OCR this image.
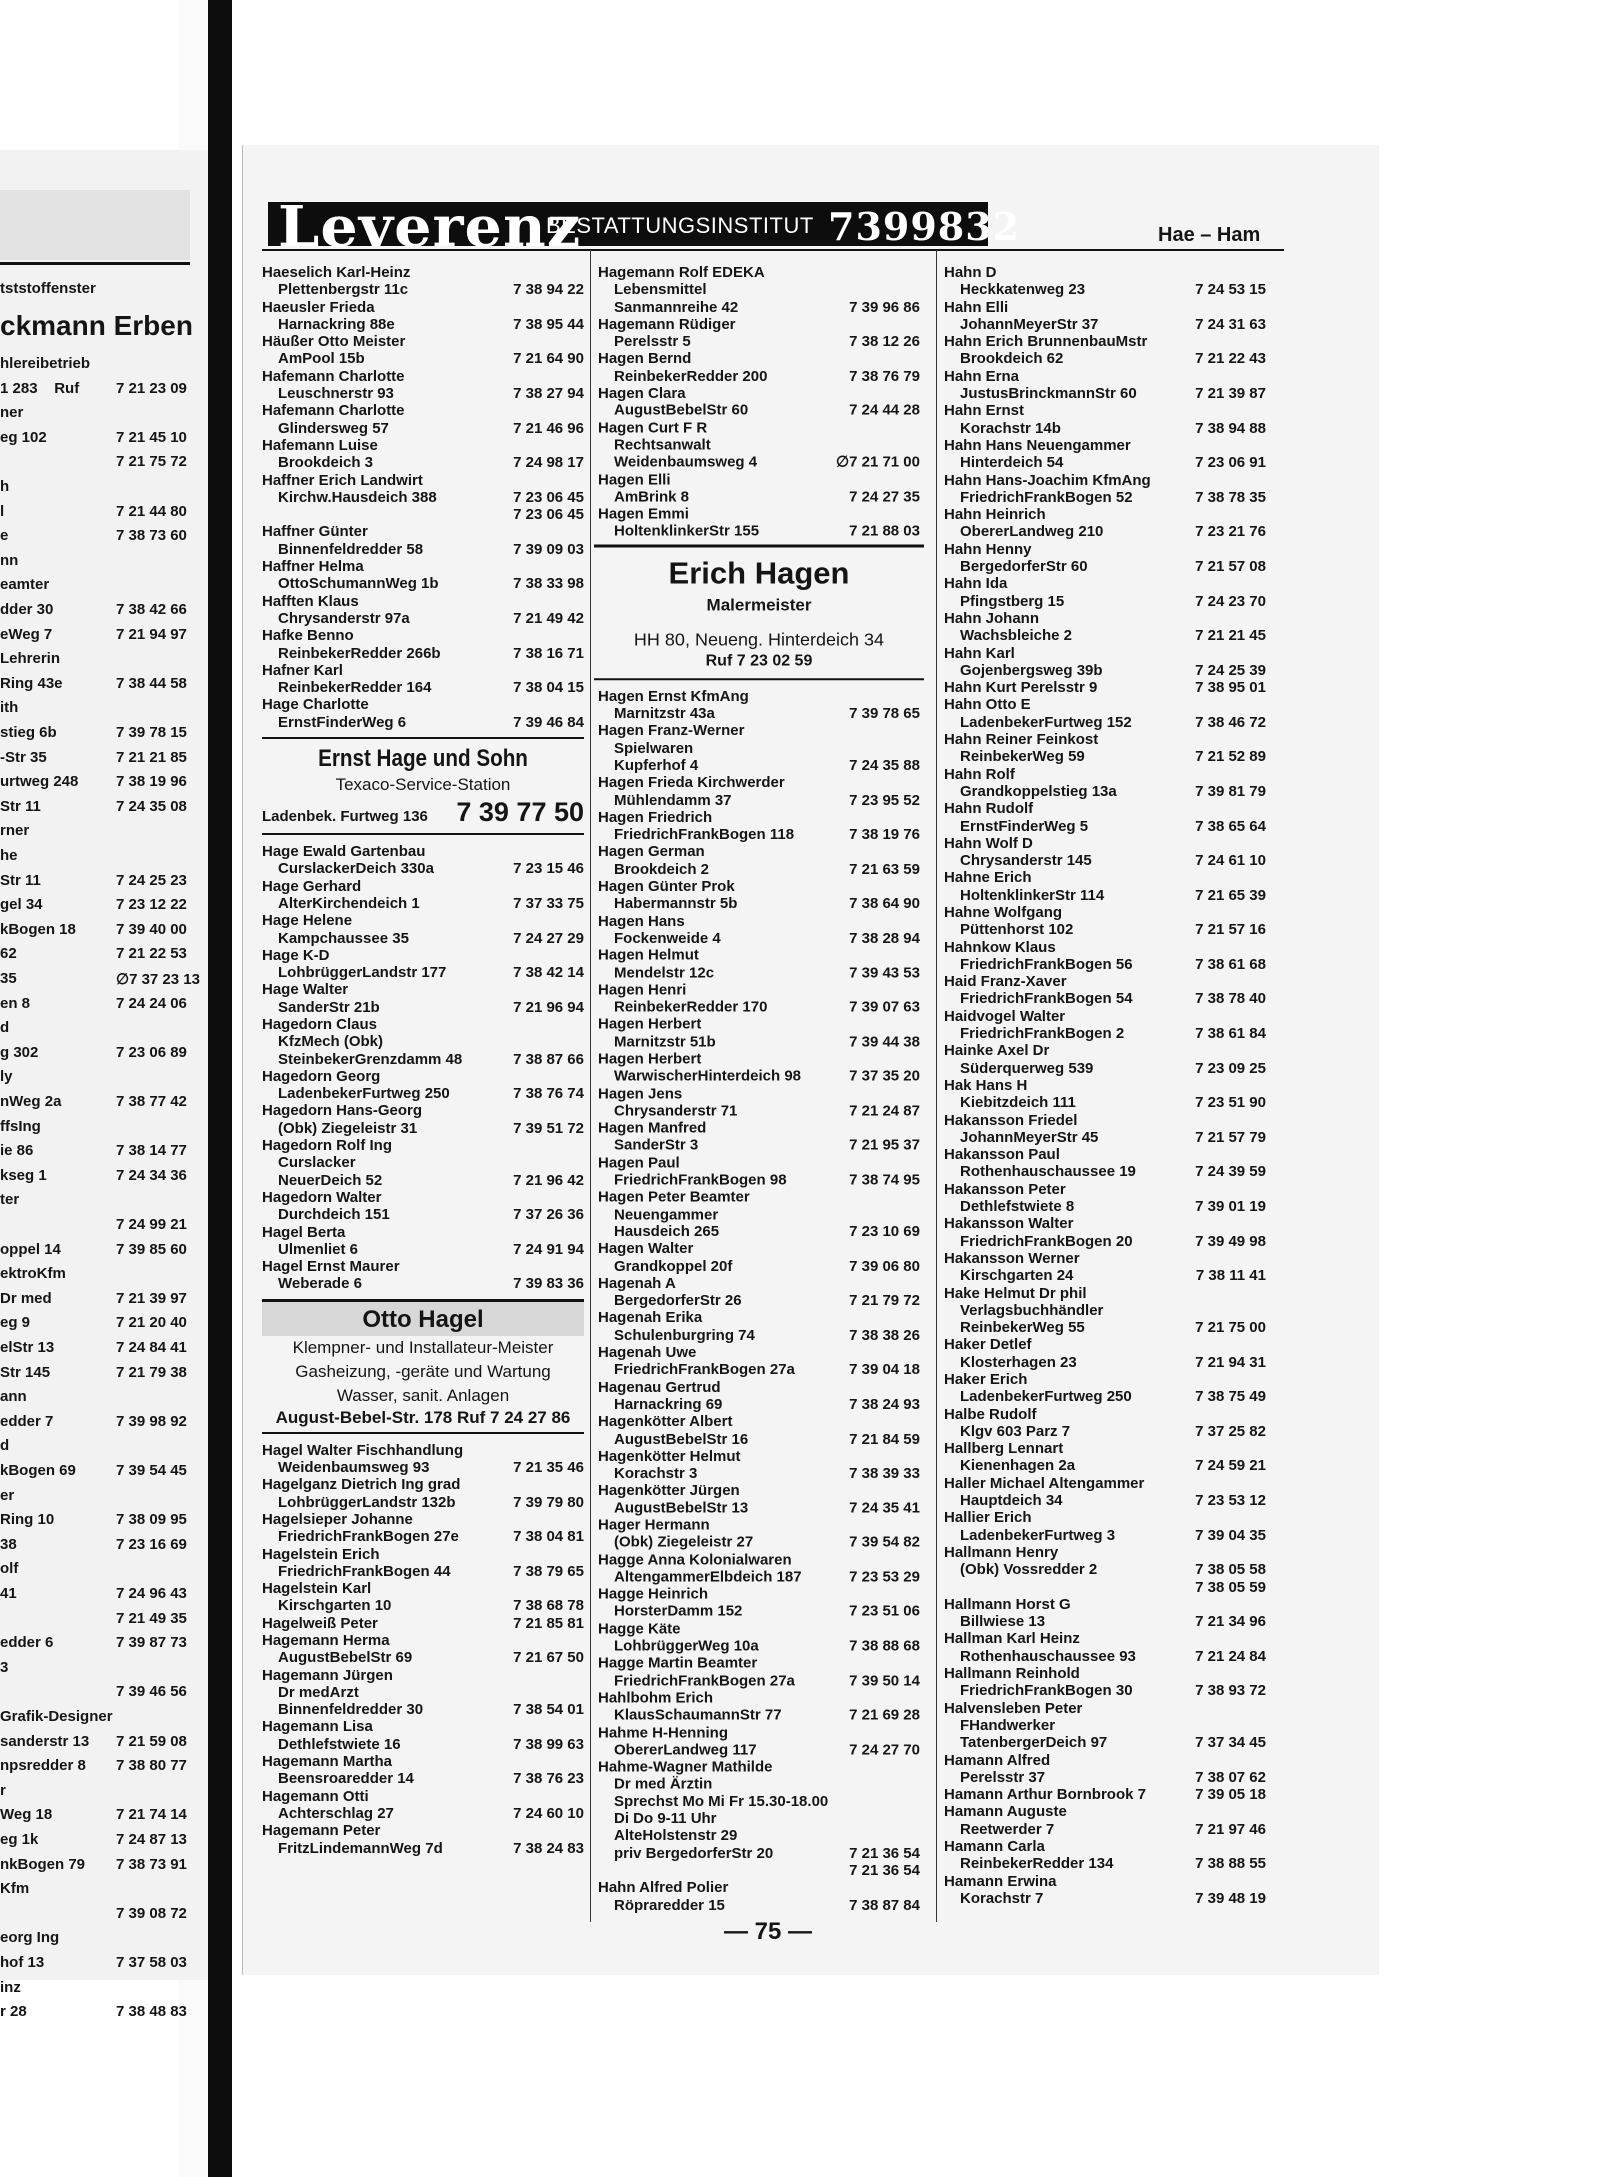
tststoffenster
ckmann Erben
hlereibetrieb
1 283    Ruf 7 21 23 09
ner
eg 102	7 21 45 10
7 21 75 72
h
l	7 21 44 80
e	7 38 73 60
nn
eamter
dder 30	7 38 42 66
eWeg 7	7 21 94 97
Lehrerin
Ring 43e	7 38 44 58
ith
stieg 6b	7 39 78 15
-Str 35	7 21 21 85
urtweg 248	7 38 19 96
Str 11	7 24 35 08
rner
he
Str 11	7 24 25 23
gel 34	7 23 12 22
kBogen 18	7 39 40 00
62	7 21 22 53
35	∅7 37 23 13
en 8	7 24 24 06
d
g 302	7 23 06 89
ly
nWeg 2a	7 38 77 42
ffsIng
ie 86	7 38 14 77
kseg 1	7 24 34 36
ter
7 24 99 21
oppel 14	7 39 85 60
ektroKfm
Dr med	7 21 39 97
eg 9	7 21 20 40
elStr 13	7 24 84 41
Str 145	7 21 79 38
ann
edder 7	7 39 98 92
d
kBogen 69	7 39 54 45
er
Ring 10	7 38 09 95
38	7 23 16 69
olf
41	7 24 96 43
7 21 49 35
edder 6	7 39 87 73
3
7 39 46 56
Grafik-Designer
sanderstr 13 7 21 59 08
npsredder 8 7 38 80 77
r
Weg 18	7 21 74 14
eg 1k	7 24 87 13
nkBogen 79 7 38 73 91
Kfm
7 39 08 72
eorg Ing
hof 13	7 37 58 03
inz
r 28	7 38 48 83
Leverenz
BESTATTUNGSINSTITUT 7399832	Hae – Ham
Haeselich Karl-Heinz
Plettenbergstr 11c	7 38 94 22
Haeusler Frieda
Harnackring 88e	7 38 95 44
Häußer Otto Meister
AmPool 15b	7 21 64 90
Hafemann Charlotte
Leuschnerstr 93	7 38 27 94
Hafemann Charlotte
Glindersweg 57	7 21 46 96
Hafemann Luise
Brookdeich 3	7 24 98 17
Haffner Erich Landwirt
Kirchw.Hausdeich 388
	7 23 06 45
7 23 06 45
Haffner Günter
Binnenfeldredder 58	7 39 09 03
Haffner Helma
OttoSchumannWeg 1b	7 38 33 98
Hafften Klaus
Chrysanderstr 97a	7 21 49 42
Hafke Benno
ReinbekerRedder 266b	7 38 16 71
Hafner Karl
ReinbekerRedder 164	7 38 04 15
Hage Charlotte
ErnstFinderWeg 6	7 39 46 84
Ernst Hage und Sohn
Texaco-Service-Station
Ladenbek. Furtweg 136 7 39 77 50
Hage Ewald Gartenbau
CurslackerDeich 330a	7 23 15 46
Hage Gerhard
AlterKirchendeich 1	7 37 33 75
Hage Helene
Kampchaussee 35	7 24 27 29
Hage K-D
LohbrüggerLandstr 177	7 38 42 14
Hage Walter
SanderStr 21b	7 21 96 94
Hagedorn Claus
KfzMech (Obk)
SteinbekerGrenzdamm 48	7 38 87 66
Hagedorn Georg
LadenbekerFurtweg 250	7 38 76 74
Hagedorn Hans-Georg
(Obk) Ziegeleistr 31	7 39 51 72
Hagedorn Rolf Ing
Curslacker
NeuerDeich 52	7 21 96 42
Hagedorn Walter
Durchdeich 151	7 37 26 36
Hagel Berta
Ulmenliet 6	7 24 91 94
Hagel Ernst Maurer
Weberade 6	7 39 83 36
Otto Hagel
Klempner- und Installateur-Meister
Gasheizung, -geräte und Wartung
Wasser, sanit. Anlagen
August-Bebel-Str. 178 Ruf 7 24 27 86
Hagel Walter Fischhandlung
Weidenbaumsweg 93	7 21 35 46
Hagelganz Dietrich Ing grad
LohbrüggerLandstr 132b	7 39 79 80
Hagelsieper Johanne
FriedrichFrankBogen 27e	7 38 04 81
Hagelstein Erich
FriedrichFrankBogen 44	7 38 79 65
Hagelstein Karl
Kirschgarten 10	7 38 68 78
Hagelweiß Peter	7 21 85 81
Hagemann Herma
AugustBebelStr 69	7 21 67 50
Hagemann Jürgen
Dr medArzt
Binnenfeldredder 30	7 38 54 01
Hagemann Lisa
Dethlefstwiete 16	7 38 99 63
Hagemann Martha
Beensroaredder 14	7 38 76 23
Hagemann Otti
Achterschlag 27	7 24 60 10
Hagemann Peter
FritzLindemannWeg 7d	7 38 24 83
Hagemann Rolf EDEKA
Lebensmittel
Sanmannreihe 42	7 39 96 86
Hagemann Rüdiger
Perelsstr 5	7 38 12 26
Hagen Bernd
ReinbekerRedder 200	7 38 76 79
Hagen Clara
AugustBebelStr 60	7 24 44 28
Hagen Curt F R
Rechtsanwalt
Weidenbaumsweg 4	∅7 21 71 00
Hagen Elli
AmBrink 8	7 24 27 35
Hagen Emmi
HoltenklinkerStr 155	7 21 88 03
Erich Hagen
Malermeister
HH 80, Neueng. Hinterdeich 34
Ruf 7 23 02 59
Hagen Ernst KfmAng
Marnitzstr 43a	7 39 78 65
Hagen Franz-Werner
Spielwaren
Kupferhof 4	7 24 35 88
Hagen Frieda Kirchwerder
Mühlendamm 37	7 23 95 52
Hagen Friedrich
FriedrichFrankBogen 118	7 38 19 76
Hagen German
Brookdeich 2	7 21 63 59
Hagen Günter Prok
Habermannstr 5b	7 38 64 90
Hagen Hans
Fockenweide 4	7 38 28 94
Hagen Helmut
Mendelstr 12c	7 39 43 53
Hagen Henri
ReinbekerRedder 170	7 39 07 63
Hagen Herbert
Marnitzstr 51b	7 39 44 38
Hagen Herbert
WarwischerHinterdeich 98	7 37 35 20
Hagen Jens
Chrysanderstr 71	7 21 24 87
Hagen Manfred
SanderStr 3	7 21 95 37
Hagen Paul
FriedrichFrankBogen 98	7 38 74 95
Hagen Peter Beamter
Neuengammer
Hausdeich 265	7 23 10 69
Hagen Walter
Grandkoppel 20f	7 39 06 80
Hagenah A
BergedorferStr 26	7 21 79 72
Hagenah Erika
Schulenburgring 74	7 38 38 26
Hagenah Uwe
FriedrichFrankBogen 27a	7 39 04 18
Hagenau Gertrud
Harnackring 69	7 38 24 93
Hagenkötter Albert
AugustBebelStr 16	7 21 84 59
Hagenkötter Helmut
Korachstr 3	7 38 39 33
Hagenkötter Jürgen
AugustBebelStr 13	7 24 35 41
Hager Hermann
(Obk) Ziegeleistr 27	7 39 54 82
Hagge Anna Kolonialwaren
AltengammerElbdeich 187	7 23 53 29
Hagge Heinrich
HorsterDamm 152	7 23 51 06
Hagge Käte
LohbrüggerWeg 10a	7 38 88 68
Hagge Martin Beamter
FriedrichFrankBogen 27a	7 39 50 14
Hahlbohm Erich
KlausSchaumannStr 77	7 21 69 28
Hahme H-Henning
ObererLandweg 117	7 24 27 70
Hahme-Wagner Mathilde
Dr med Ärztin
Sprechst Mo Mi Fr 15.30-18.00
Di Do 9-11 Uhr
AlteHolstenstr 29
priv BergedorferStr 20
	7 21 36 54
7 21 36 54
Hahn Alfred Polier
Röpraredder 15	7 38 87 84
Hahn D
Heckkatenweg 23	7 24 53 15
Hahn Elli
JohannMeyerStr 37	7 24 31 63
Hahn Erich BrunnenbauMstr
Brookdeich 62	7 21 22 43
Hahn Erna
JustusBrinckmannStr 60	7 21 39 87
Hahn Ernst
Korachstr 14b	7 38 94 88
Hahn Hans Neuengammer
Hinterdeich 54	7 23 06 91
Hahn Hans-Joachim KfmAng
FriedrichFrankBogen 52	7 38 78 35
Hahn Heinrich
ObererLandweg 210	7 23 21 76
Hahn Henny
BergedorferStr 60	7 21 57 08
Hahn Ida
Pfingstberg 15	7 24 23 70
Hahn Johann
Wachsbleiche 2	7 21 21 45
Hahn Karl
Gojenbergsweg 39b	7 24 25 39
Hahn Kurt Perelsstr 9	7 38 95 01
Hahn Otto E
LadenbekerFurtweg 152	7 38 46 72
Hahn Reiner Feinkost
ReinbekerWeg 59	7 21 52 89
Hahn Rolf
Grandkoppelstieg 13a	7 39 81 79
Hahn Rudolf
ErnstFinderWeg 5	7 38 65 64
Hahn Wolf D
Chrysanderstr 145	7 24 61 10
Hahne Erich
HoltenklinkerStr 114	7 21 65 39
Hahne Wolfgang
Püttenhorst 102	7 21 57 16
Hahnkow Klaus
FriedrichFrankBogen 56	7 38 61 68
Haid Franz-Xaver
FriedrichFrankBogen 54	7 38 78 40
Haidvogel Walter
FriedrichFrankBogen 2	7 38 61 84
Hainke Axel Dr
Süderquerweg 539	7 23 09 25
Hak Hans H
Kiebitzdeich 111	7 23 51 90
Hakansson Friedel
JohannMeyerStr 45	7 21 57 79
Hakansson Paul
Rothenhauschaussee 19	7 24 39 59
Hakansson Peter
Dethlefstwiete 8	7 39 01 19
Hakansson Walter
FriedrichFrankBogen 20	7 39 49 98
Hakansson Werner
Kirschgarten 24	7 38 11 41
Hake Helmut Dr phil
Verlagsbuchhändler
ReinbekerWeg 55	7 21 75 00
Haker Detlef
Klosterhagen 23	7 21 94 31
Haker Erich
LadenbekerFurtweg 250	7 38 75 49
Halbe Rudolf
Klgv 603 Parz 7	7 37 25 82
Hallberg Lennart
Kienenhagen 2a	7 24 59 21
Haller Michael Altengammer
Hauptdeich 34	7 23 53 12
Hallier Erich
LadenbekerFurtweg 3	7 39 04 35
Hallmann Henry
(Obk) Vossredder 2
	7 38 05 58
7 38 05 59
Hallmann Horst G
Billwiese 13	7 21 34 96
Hallman Karl Heinz
Rothenhauschaussee 93	7 21 24 84
Hallmann Reinhold
FriedrichFrankBogen 30	7 38 93 72
Halvensleben Peter
FHandwerker
TatenbergerDeich 97	7 37 34 45
Hamann Alfred
Perelsstr 37	7 38 07 62
Hamann Arthur Bornbrook 7	7 39 05 18
Hamann Auguste
Reetwerder 7	7 21 97 46
Hamann Carla
ReinbekerRedder 134	7 38 88 55
Hamann Erwina
Korachstr 7	7 39 48 19
— 75 —
